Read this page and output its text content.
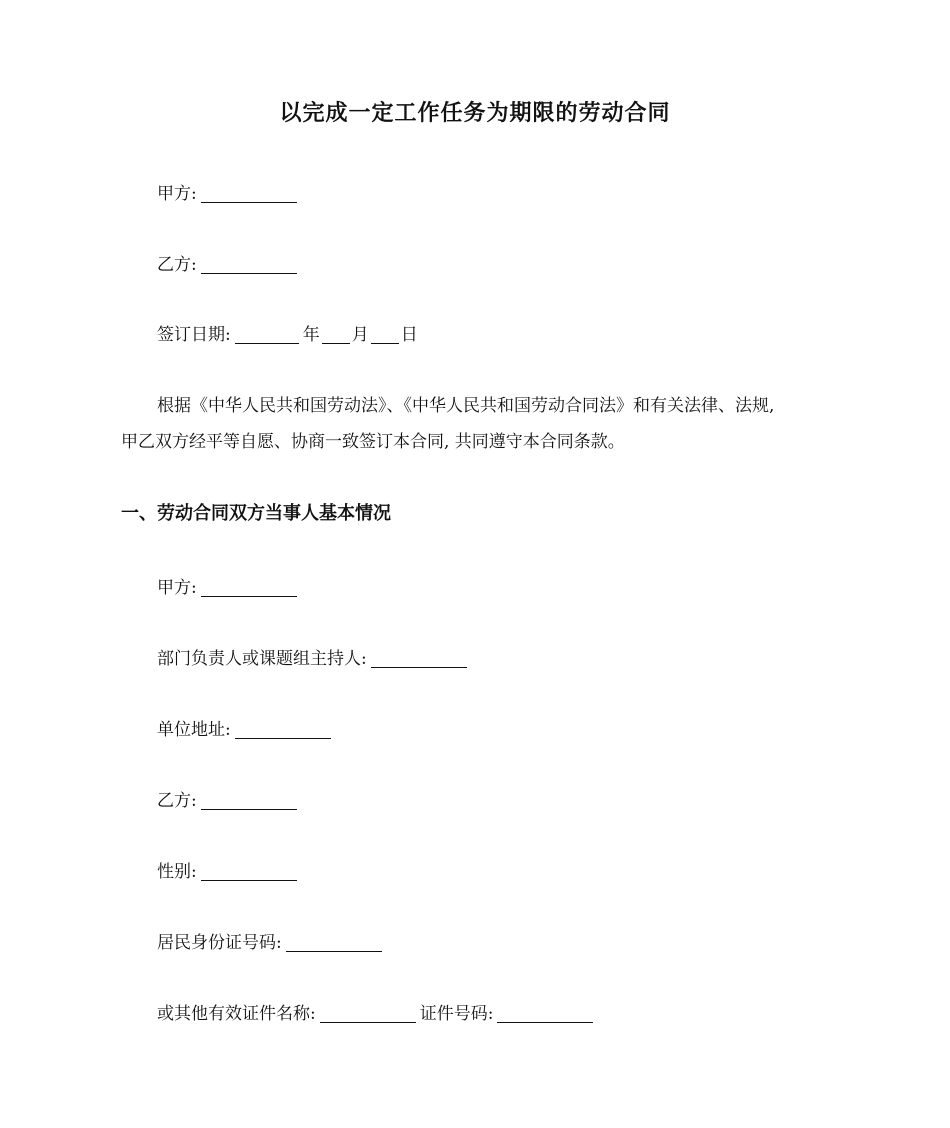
以完成一定工作任务为期限的劳动合同
甲方:
乙方:
签订日期:	年 月 日
根据《中华人民共和国劳动法》、《中华人民共和国劳动合同法》和有关法律、法规,
甲乙双方经平等自愿、协商一致签订本合同, 共同遵守本合同条款。
一、劳动合同双方当事人基本情况
甲方:
部门负责人或课题组主持人:
单位地址:
乙方:
性别:
居民身份证号码:
或其他有效证件名称:	证件号码:
